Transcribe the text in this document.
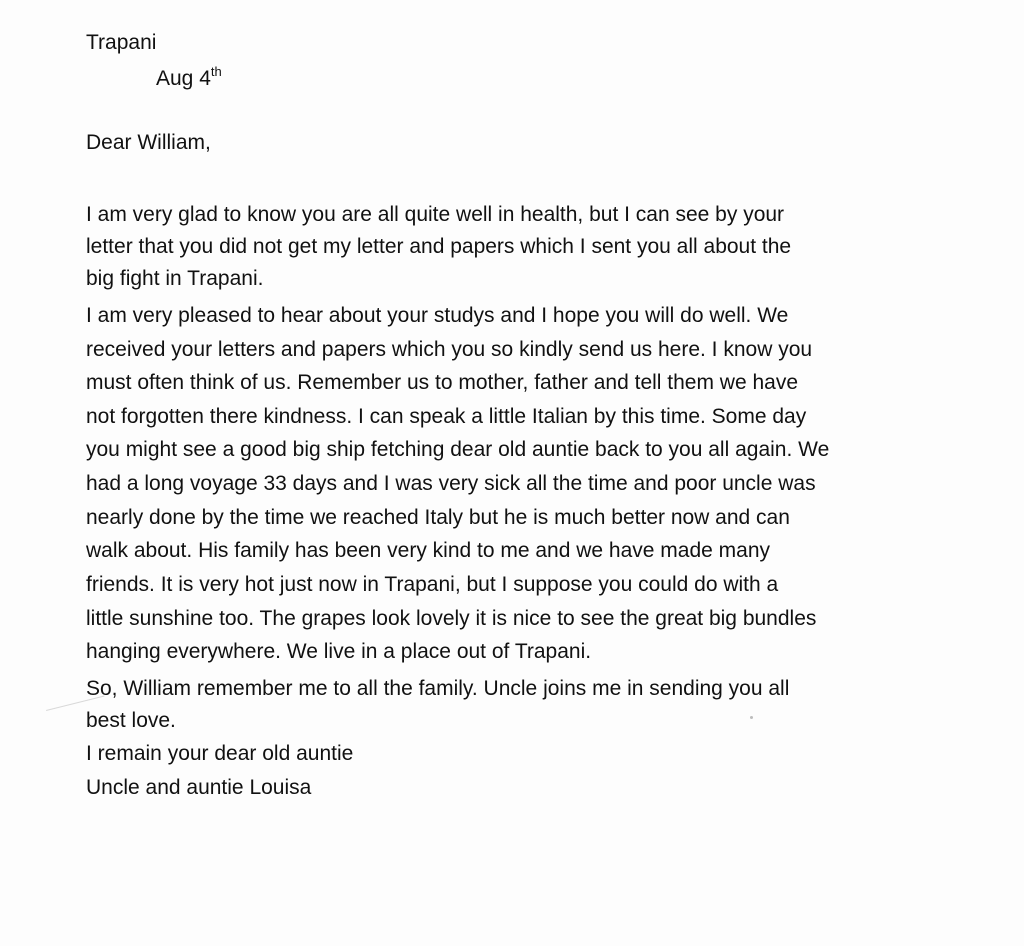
Trapani
Aug 4th
Dear William,
I am very glad to know you are all quite well in health, but I can see by your
letter that you did not get my letter and papers which I sent you all about the
big fight in Trapani.
I am very pleased to hear about your studys and I hope you will do well. We
received your letters and papers which you so kindly send us here. I know you
must often think of us. Remember us to mother, father and tell them we have
not forgotten there kindness. I can speak a little Italian by this time. Some day
you might see a good big ship fetching dear old auntie back to you all again. We
had a long voyage 33 days and I was very sick all the time and poor uncle was
nearly done by the time we reached Italy but he is much better now and can
walk about. His family has been very kind to me and we have made many
friends. It is very hot just now in Trapani, but I suppose you could do with a
little sunshine too. The grapes look lovely it is nice to see the great big bundles
hanging everywhere. We live in a place out of Trapani.
So, William remember me to all the family. Uncle joins me in sending you all
best love.
I remain your dear old auntie
Uncle and auntie Louisa
